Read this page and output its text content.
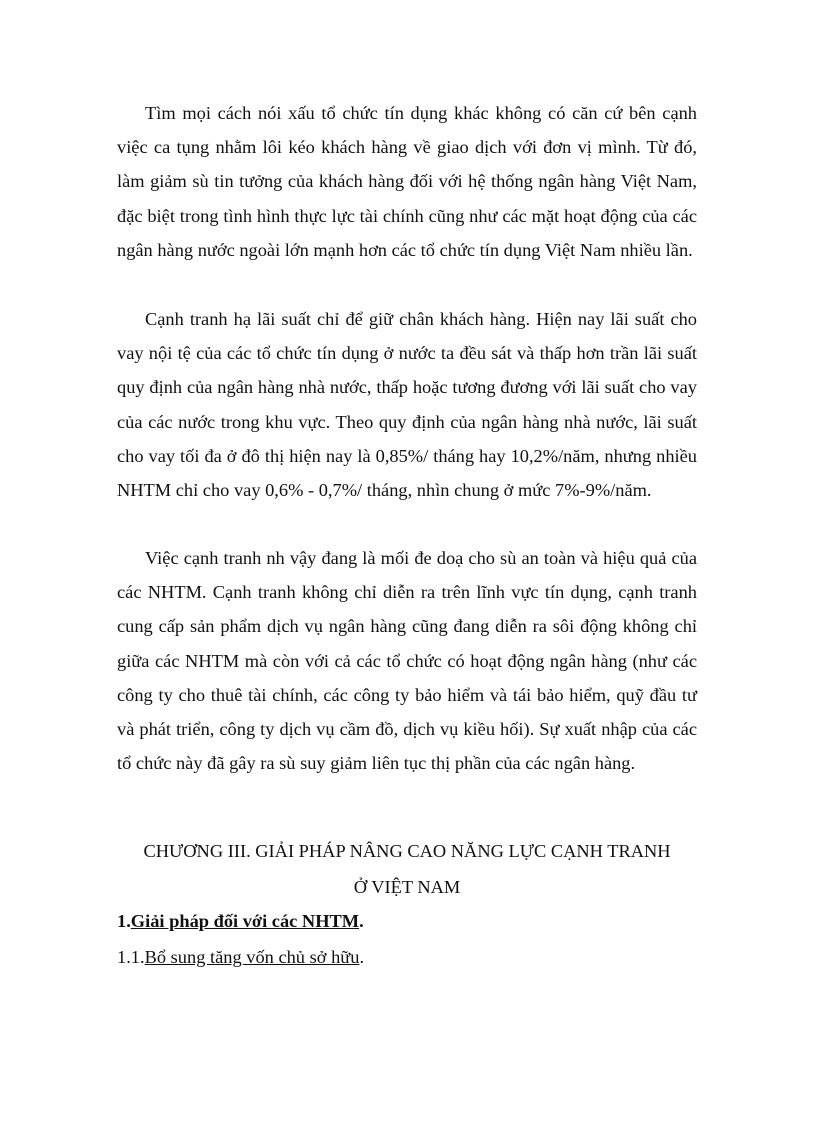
Tìm mọi cách nói xấu tổ chức tín dụng khác không có căn cứ bên cạnh việc ca tụng nhằm lôi kéo khách hàng về giao dịch với đơn vị mình. Từ đó, làm giảm sù tin tưởng của khách hàng đối với hệ thống ngân hàng Việt Nam, đặc biệt trong tình hình thực lực tài chính cũng như các mặt hoạt động của các ngân hàng nước ngoài lớn mạnh hơn các tổ chức tín dụng Việt Nam nhiều lần.

Cạnh tranh hạ lãi suất chỉ để giữ chân khách hàng. Hiện nay lãi suất cho vay nội tệ của các tổ chức tín dụng ở nước ta đều sát và thấp hơn trần lãi suất quy định của ngân hàng nhà nước, thấp hoặc tương đương với lãi suất cho vay của các nước trong khu vực. Theo quy định của ngân hàng nhà nước, lãi suất cho vay tối đa ở đô thị hiện nay là 0,85%/ tháng hay 10,2%/năm, nhưng nhiều NHTM chỉ cho vay 0,6% - 0,7%/ tháng, nhìn chung ở mức 7%-9%/năm.

Việc cạnh tranh nh vậy đang là mối đe doạ cho sù an toàn và hiệu quả của các NHTM. Cạnh tranh không chỉ diễn ra trên lĩnh vực tín dụng, cạnh tranh cung cấp sản phẩm dịch vụ ngân hàng cũng đang diễn ra sôi động không chỉ giữa các NHTM mà còn với cả các tổ chức có hoạt động ngân hàng (như các công ty cho thuê tài chính, các công ty bảo hiểm và tái bảo hiểm, quỹ đầu tư và phát triển, công ty dịch vụ cầm đồ, dịch vụ kiều hối). Sự xuất nhập của các tổ chức này đã gây ra sù suy giảm liên tục thị phần của các ngân hàng.

CHƯƠNG III. GIẢI PHÁP NÂNG CAO NĂNG LỰC CẠNH TRANH

Ở VIỆT NAM

1.Giải pháp đối với các NHTM.

1.1.Bổ sung tăng vốn chủ sở hữu.
